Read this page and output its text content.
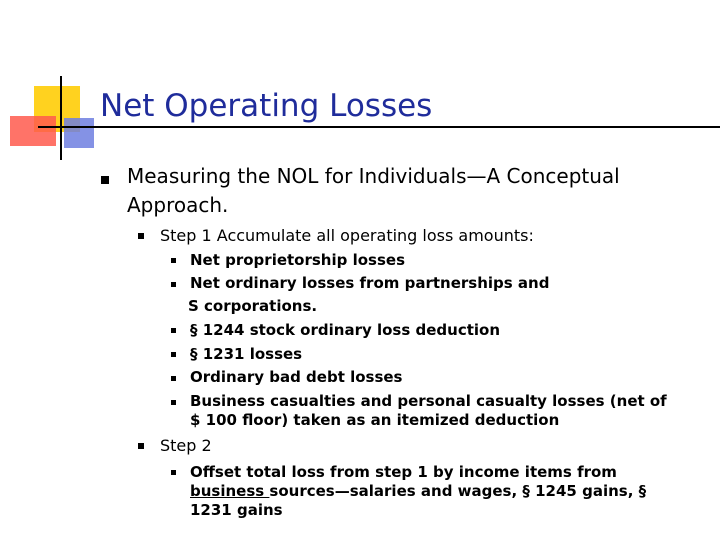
Net Operating Losses
Measuring the NOL for Individuals—A Conceptual
Approach.
Step 1 Accumulate all operating loss amounts:
Net proprietorship losses
Net ordinary losses from partnerships and
S corporations.
§ 1244 stock ordinary loss deduction
§ 1231 losses
Ordinary bad debt losses
Business casualties and personal casualty losses (net of
$ 100 floor) taken as an itemized deduction
Step 2
Offset total loss from step 1 by income items from
business sources—salaries and wages, § 1245 gains, §
1231 gains
